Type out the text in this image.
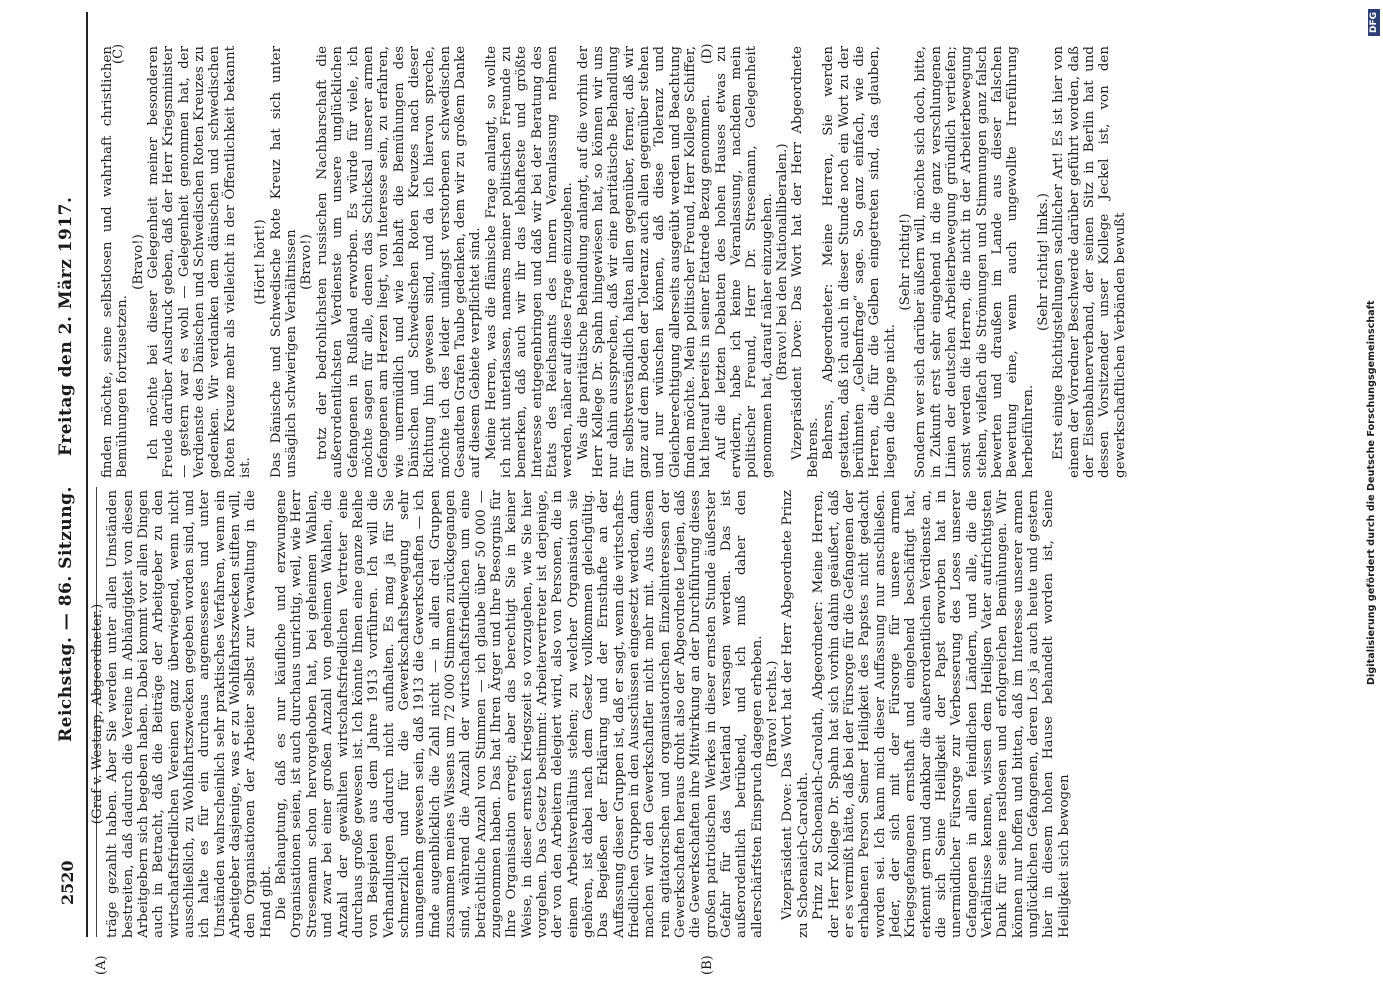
2520
Reichstag. — 86. Sitzung.
Freitag den 2. März 1917.
(A)	(B)
(C)	(D)
(Graf v. Westarp, Abgeordneter.) träge gezahlt haben. Aber Sie werden unter allen Umständen bestreiten, daß dadurch die Vereine in Abhängigkeit von diesen Arbeitgebern sich begeben haben. Dabei kommt vor allen Dingen auch in Betracht, daß die Beiträge der Arbeitgeber zu den wirtschaftsfriedlichen Vereinen ganz überwiegend, wenn nicht ausschließlich, zu Wohlfahrtszwecken gegeben worden sind, und ich halte es für ein durchaus angemessenes und unter Umständen wahrscheinlich sehr praktisches Verfahren, wenn ein Arbeitgeber dasjenige, was er zu Wohlfahrtszwecken stiften will, den Organisationen der Arbeiter selbst zur Verwaltung in die Hand gibt. Die Behauptung, daß es nur käufliche und erzwungene Organisationen seien, ist auch durchaus unrichtig, weil, wie Herr Stresemann schon hervorgehoben hat, bei geheimen Wahlen, und zwar bei einer großen Anzahl von geheimen Wahlen, die Anzahl der gewählten wirtschaftsfriedlichen Vertreter eine durchaus große gewesen ist. Ich könnte Ihnen eine ganze Reihe von Beispielen aus dem Jahre 1913 vorführen. Ich will die Verhandlungen dadurch nicht aufhalten. Es mag ja für Sie schmerzlich und für die Gewerkschaftsbewegung sehr unangenehm gewesen sein, daß 1913 die Gewerkschaften — ich finde augenblicklich die Zahl nicht — in allen drei Gruppen zusammen meines Wissens um 72 000 Stimmen zurückgegangen sind, während die Anzahl der wirtschaftsfriedlichen um eine beträchtliche Anzahl von Stimmen — ich glaube über 50 000 — zugenommen haben. Das hat Ihren Ärger und Ihre Besorgnis für Ihre Organisation erregt; aber das berechtigt Sie in keiner Weise, in dieser ernsten Kriegszeit so vorzugehen, wie Sie hier vorgehen. Das Gesetz bestimmt: Arbeitervertreter ist derjenige, der von den Arbeitern delegiert wird, also von Personen, die in einem Arbeitsverhältnis stehen; zu welcher Organisation sie gehören, ist dabei nach dem Gesetz vollkommen gleichgültig. Das Begießen der Erklärung und der Ernsthafte an der Auffassung dieser Gruppen ist, daß er sagt, wenn die wirtschafts-friedlichen Gruppen in den Ausschüssen eingesetzt werden, dann machen wir den Gewerkschaftler nicht mehr mit. Aus diesem rein agitatorischen und organisatorischen Einzelinteressen der Gewerkschaften heraus droht also der Abgeordnete Legien, daß die Gewerkschaften ihre Mitwirkung an der Durchführung dieses großen patriotischen Werkes in dieser ernsten Stunde äußerster Gefahr für das Vaterland versagen werden. Das ist außerordentlich betrübend, und ich muß daher den allerschärfsten Einspruch dagegen erheben. (Bravo! rechts.) Vizepräsident Dove: Das Wort hat der Herr Abgeordnete Prinz zu Schoenaich-Carolath. Prinz zu Schoenaich-Carolath, Abgeordneter: Meine Herren, der Herr Kollege Dr. Spahn hat sich vorhin dahin geäußert, daß er es vermißt hätte, daß bei der Fürsorge für die Gefangenen der erhabenen Person Seiner Heiligkeit des Papstes nicht gedacht worden sei. Ich kann mich dieser Auffassung nur anschließen. Jeder, der sich mit der Fürsorge für unsere armen Kriegsgefangenen ernsthaft und eingehend beschäftigt hat, erkennt gern und dankbar die außerordentlichen Verdienste an, die sich Seine Heiligkeit der Papst erworben hat in unermüdlicher Fürsorge zur Verbesserung des Loses unserer Gefangenen in allen feindlichen Ländern, und alle, die die Verhältnisse kennen, wissen dem Heiligen Vater aufrichtigsten Dank für seine rastlosen und erfolgreichen Bemühungen. Wir können nur hoffen und bitten, daß im Interesse unserer armen unglücklichen Gefangenen, deren Los ja auch heute und gestern hier in diesem hohen Hause behandelt worden ist, Seine Heiligkeit sich bewogen
finden möchte, seine selbstlosen und wahrhaft christlichen Bemühungen fortzusetzen.
(Bravo!) Ich möchte bei dieser Gelegenheit meiner besonderen Freude darüber Ausdruck geben, daß der Herr Kriegsminister — gestern war es wohl — Gelegenheit genommen hat, der Verdienste des Dänischen und Schwedischen Roten Kreuzes zu gedenken. Wir verdanken dem dänischen und schwedischen Roten Kreuze mehr als vielleicht in der Öffentlichkeit bekannt ist.
(Hört! hört!) Das Dänische und Schwedische Rote Kreuz hat sich unter unsäglich schwierigen Verhältnissen (Bravo!) trotz der bedrohlichsten russischen Nachbarschaft die außerordentlichsten Verdienste um unsere unglücklichen Gefangenen in Rußland erworben. Es würde für viele, ich möchte sagen für alle, denen das Schicksal unserer armen Gefangenen am Herzen liegt, von Interesse sein, zu erfahren, wie unermüdlich und wie lebhaft die Bemühungen des Dänischen und Schwedischen Roten Kreuzes nach dieser Richtung hin gewesen sind, und da ich hiervon spreche, möchte ich des leider unlängst verstorbenen schwedischen Gesandten Grafen Taube gedenken, dem wir zu großem Danke auf diesem Gebiete verpflichtet sind. Meine Herren, was die flämische Frage anlangt, so wollte ich nicht unterlassen, namens meiner politischen Freunde zu bemerken, daß auch wir ihr das lebhafteste und größte Interesse entgegenbringen und daß wir bei der Beratung des Etats des Reichsamts des Innern Veranlassung nehmen werden, näher auf diese Frage einzugehen. Was die paritätische Behandlung anlangt, auf die vorhin der Herr Kollege Dr. Spahn hingewiesen hat, so können wir uns nur dahin aussprechen, daß wir eine paritätische Behandlung für selbstverständlich halten allen gegenüber, ferner, daß wir ganz auf dem Boden der Toleranz auch allen gegenüber stehen und nur wünschen können, daß diese Toleranz und Gleichberechtigung allerseits ausgeübt werden und Beachtung finden möchte. Mein politischer Freund, Herr Kollege Schiffer, hat hierauf bereits in seiner Etatrede Bezug genommen. Auf die letzten Debatten des hohen Hauses etwas zu erwidern, habe ich keine Veranlassung, nachdem mein politischer Freund, Herr Dr. Stresemann, Gelegenheit genommen hat, darauf näher einzugehen. (Bravo! bei den Nationalliberalen.) Vizepräsident Dove: Das Wort hat der Herr Abgeordnete Behrens. Behrens, Abgeordneter: Meine Herren, Sie werden gestatten, daß ich auch in dieser Stunde noch ein Wort zu der berühmten „Gelbenfrage“ sage. So ganz einfach, wie die Herren, die für die Gelben eingetreten sind, das glauben, liegen die Dinge nicht.
(Sehr richtig!) Sondern wer sich darüber äußern will, möchte sich doch, bitte, in Zukunft erst sehr eingehend in die ganz verschlungenen Linien der deutschen Arbeiterbewegung gründlich vertiefen; sonst werden die Herren, die nicht in der Arbeiterbewegung stehen, vielfach die Strömungen und Stimmungen ganz falsch bewerten und draußen im Lande aus dieser falschen Bewertung eine, wenn auch ungewollte Irreführung herbeiführen.
(Sehr richtig! links.) Erst einige Richtigstellungen sachlicher Art! Es ist hier von einem der Vorredner Beschwerde darüber geführt worden, daß der Eisenbahnerverband, der seinen Sitz in Berlin hat und dessen Vorsitzender unser Kollege Jeckel ist, von den gewerkschaftlichen Verbänden bewußt	Digitalisierung gefördert durch die Deutsche Forschungsgemeinschaft
DFG
